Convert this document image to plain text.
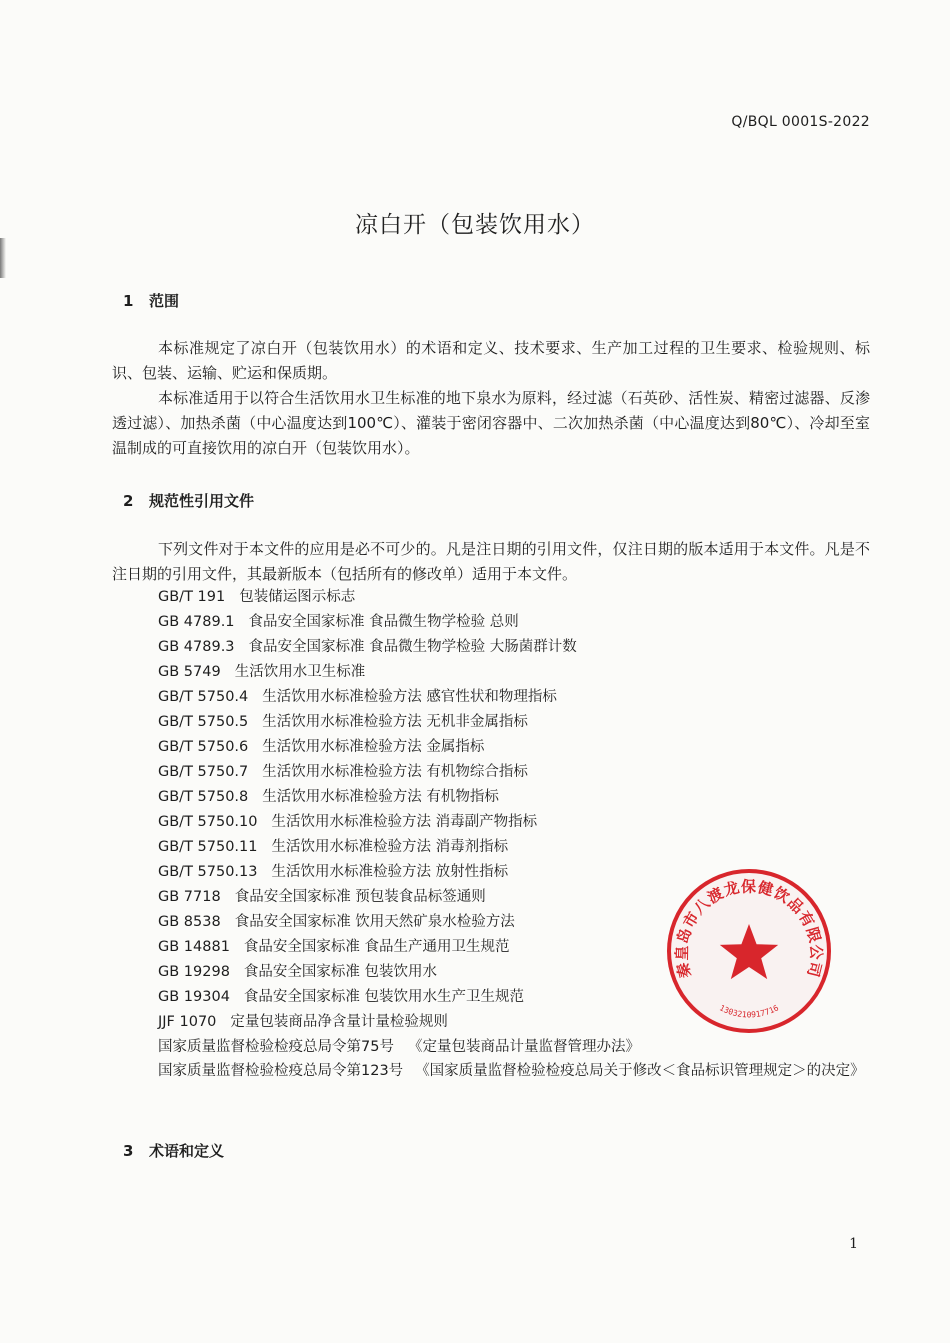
Q/BQL 0001S-2022
凉白开（包装饮用水）
1 范围

本标准规定了凉白开（包装饮用水）的术语和定义、技术要求、生产加工过程的卫生要求、检验规则、标识、包装、运输、贮运和保质期。

本标准适用于以符合生活饮用水卫生标准的地下泉水为原料，经过滤（石英砂、活性炭、精密过滤器、反渗透过滤）、加热杀菌（中心温度达到100℃）、灌装于密闭容器中、二次加热杀菌（中心温度达到80℃）、冷却至室温制成的可直接饮用的凉白开（包装饮用水）。

2 规范性引用文件

下列文件对于本文件的应用是必不可少的。凡是注日期的引用文件，仅注日期的版本适用于本文件。凡是不注日期的引用文件，其最新版本（包括所有的修改单）适用于本文件。

GB/T 191 包装储运图示标志
GB 4789.1 食品安全国家标准 食品微生物学检验 总则
GB 4789.3 食品安全国家标准 食品微生物学检验 大肠菌群计数
GB 5749 生活饮用水卫生标准
GB/T 5750.4 生活饮用水标准检验方法 感官性状和物理指标
GB/T 5750.5 生活饮用水标准检验方法 无机非金属指标
GB/T 5750.6 生活饮用水标准检验方法 金属指标
GB/T 5750.7 生活饮用水标准检验方法 有机物综合指标
GB/T 5750.8 生活饮用水标准检验方法 有机物指标
GB/T 5750.10 生活饮用水标准检验方法 消毒副产物指标
GB/T 5750.11 生活饮用水标准检验方法 消毒剂指标
GB/T 5750.13 生活饮用水标准检验方法 放射性指标
GB 7718 食品安全国家标准 预包装食品标签通则
GB 8538 食品安全国家标准 饮用天然矿泉水检验方法
GB 14881 食品安全国家标准 食品生产通用卫生规范
GB 19298 食品安全国家标准 包装饮用水
GB 19304 食品安全国家标准 包装饮用水生产卫生规范
JJF 1070 定量包装商品净含量计量检验规则
国家质量监督检验检疫总局令第75号 《定量包装商品计量监督管理办法》

国家质量监督检验检疫总局令第123号 《国家质量监督检验检疫总局关于修改＜食品标识管理规定＞的决定》

3 术语和定义
1
秦皇岛市八渡龙保健饮品有限公司
1303210917716
